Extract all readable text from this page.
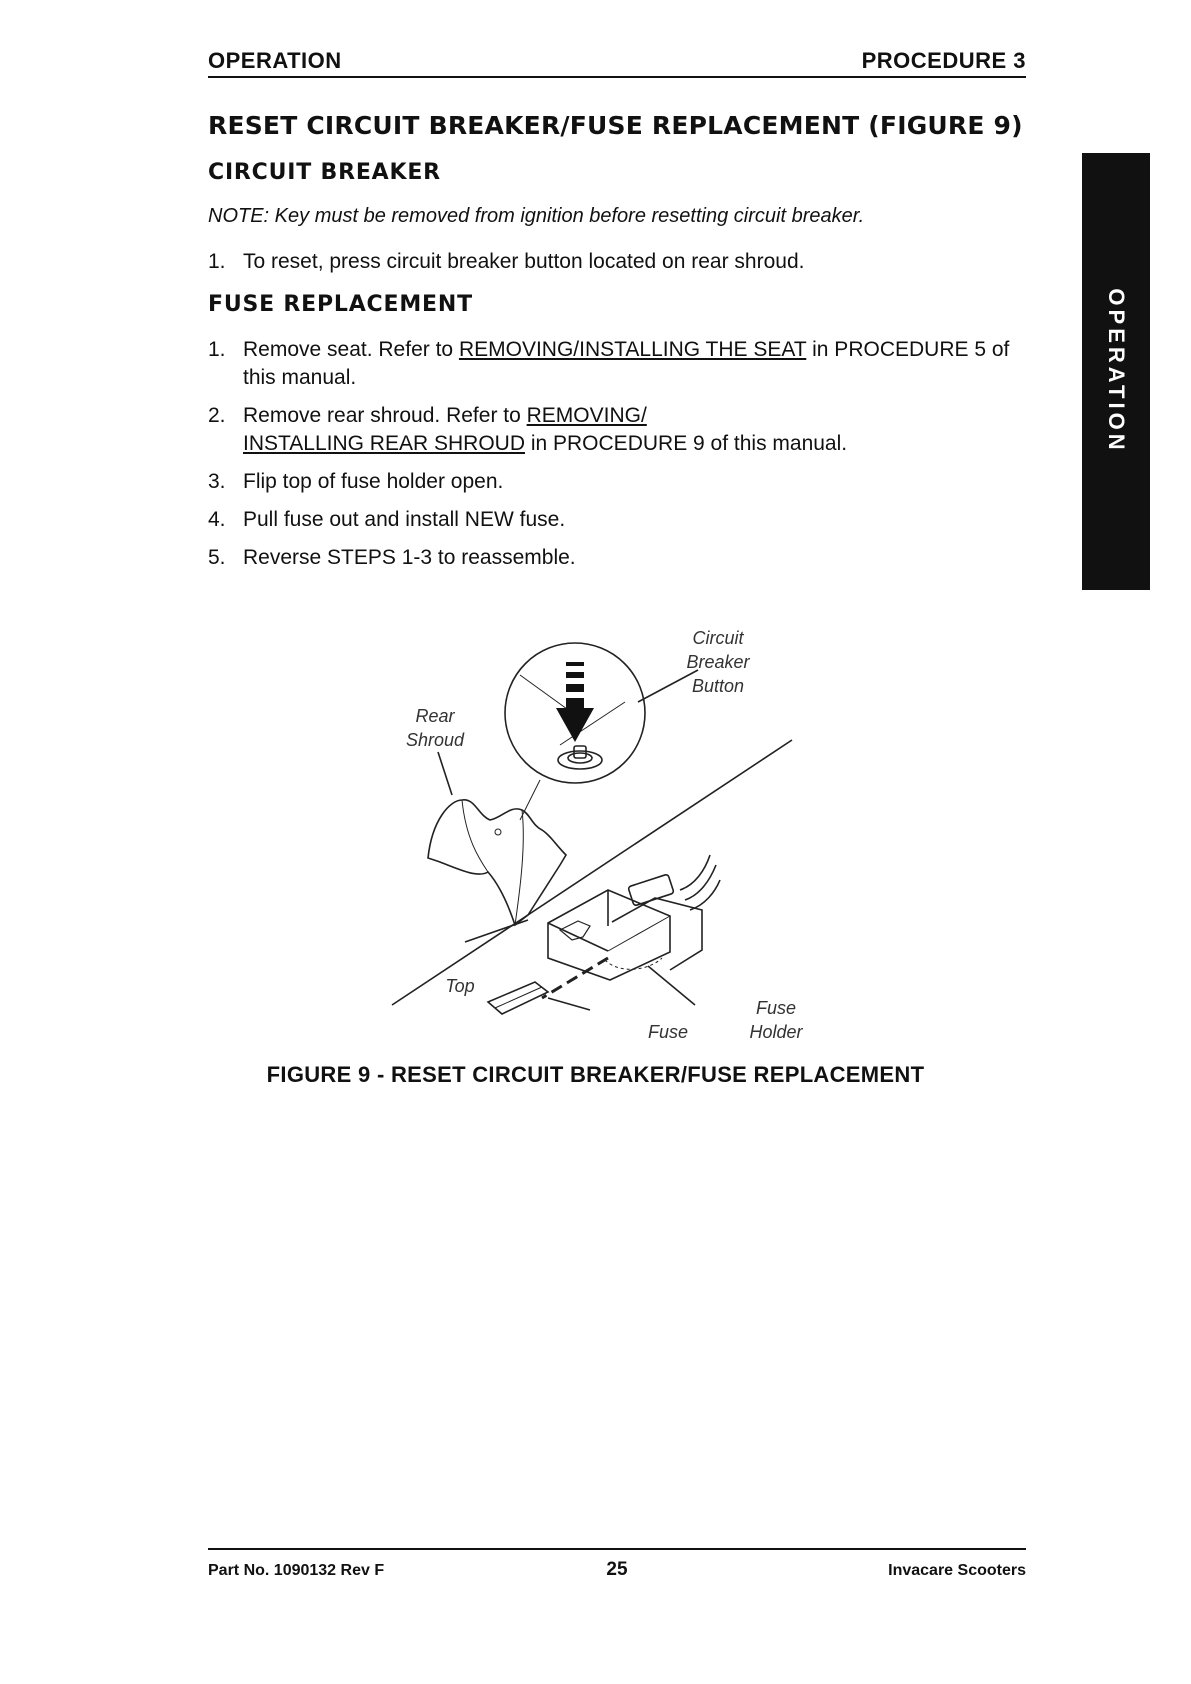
OPERATION	PROCEDURE 3
OPERATION
RESET CIRCUIT BREAKER/FUSE REPLACEMENT (FIGURE 9)
CIRCUIT BREAKER
NOTE: Key must be removed from ignition before resetting circuit breaker.
1. To reset, press circuit breaker button located on rear shroud.
FUSE REPLACEMENT
1. Remove seat. Refer to REMOVING/INSTALLING THE SEAT in PROCEDURE 5 of this manual.
2. Remove rear shroud. Refer to REMOVING/
INSTALLING REAR SHROUD in PROCEDURE 9 of this manual.
3. Flip top of fuse holder open.
4. Pull fuse out and install NEW fuse.
5. Reverse STEPS 1-3 to reassemble.
Circuit
Breaker
Button
Rear
Shroud
Top
Fuse
Fuse
Holder
FIGURE 9 - RESET CIRCUIT BREAKER/FUSE REPLACEMENT
Part No. 1090132 Rev F	25	Invacare Scooters
